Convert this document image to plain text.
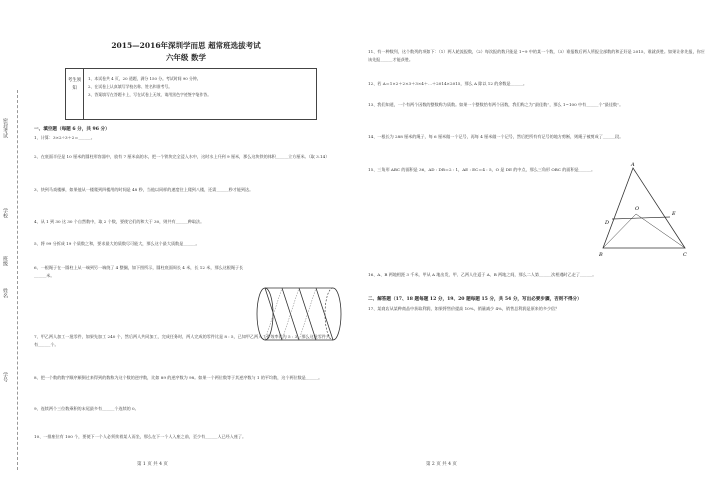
密封考试
学校
班级
姓名
学号
2015—2016年深圳学而思 超常班选拔考试
六年级 数学
考生须知
1、本试卷共 4 页，20 道题，满分 150 分。考试时间 90 分钟。
2、在试卷上认真填写学校名称、姓名和准考号。
3、答案填写在答题卡上，写在试卷上无效，请用黑色字迹签字笔作答。
一、填空题（每题 6 分，共 96 分）
1、计算：3×2÷3＋2＝______。
2、在底面半径是 10 厘米的圆柱形容器中，放有 7 厘米高的水，把一个铁块完全浸入水中，这时水上升到 9 厘米，那么这块铁的体积______立方厘米。（取 3.14）
3、快到马戏楼梯，如果他从一楼爬到四楼用的时间是 48 秒，当他以同样的速度往上爬到八楼，还需______秒才能到达。
4、从 1 到 30 这 30 个自然数中，取 2 个数，要使它们的和大于 30，则共有______种取法。
5、将 99 分拆成 19 个质数之和，要求最大的质数尽可能大，那么这个最大质数是______。
6、一根绳子在一圆柱上从一端到另一端绕了 4 整圈，如下图所示，圆柱底面周长 4 米，长 12 米，那么这根绳子长______米。
7、甲乙两人加工一批零件，如果先加工 240 个，然后两人共同加工，完成任务时，两人完成的零件比是 8 : 5，已知甲乙两人工作效率比为 5 : 3，那么这批零件共有______个。
8、把一个数的数字顺序颠倒过来得到的数称为这个数的逆序数，比如 89 的逆序数为 98。如果一个两位数等于其逆序数与 1 的平均数，这个两位数是______。
9、连续两个三位数乘积的末尾最多有______个连续的 0。
10、一排座位有 100 个，要使下一个人必须挨着某人而坐，那么在下一个人入座之前，至少有______人已经入座了。
第 1 页 共 4 页
11、有一种数列，这个数列的项如下：（1）两人轮流报数，（2）每次报的数只能是 1~9 中的某一个数，（3）谁报数后两人所报全部数的和正好是 2015，谁就获胜。如果让你先报，你应该先报______才能获胜。
12、若 A＝1×2＋2×3＋3×4＋…＋2014×2015，那么 A 除以 12 的余数是______。
13、我们知道，一个有两个因数的整数称为质数。如果一个整数恰有两个因数，我们称之为“最佳数”，那么 1~100 中有______个“最佳数”。
14、一根长为 288 厘米的绳子，每 6 厘米做一个记号，再每 4 厘米做一个记号，然后把所有有记号的地方剪断，则绳子被剪成了______段。
15、三角形 ABC 的面积是 36，AD : DB＝2 : 1，AE : EC＝4 : 5，O 是 DE 的中点，那么三角形 OBC 的面积是______。
A
D
E
O
B	C
16、A、B 两地相距 3 千米，甲从 A 地出发，甲、乙两人往返于 A、B 两地之间，那么二人第______次相遇时乙走了______。
二、解答题（17、18 题每题 12 分，19、20 题每题 15 分，共 54 分，写出必要步骤，否则不得分）
17、某商店从某种商品中获取利润，如果将售价提高 10%，销量减少 4%，销售总利润是原来的多少倍？
第 2 页 共 4 页
